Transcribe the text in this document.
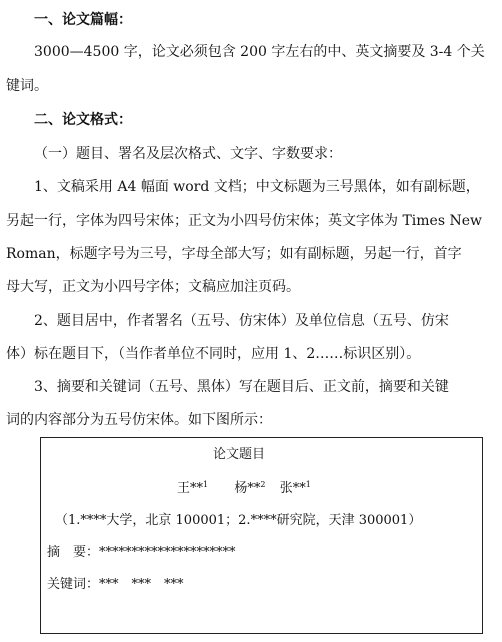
一、论文篇幅：
3000—4500 字，论文必须包含 200 字左右的中、英文摘要及 3-4 个关
键词。
二、论文格式：
（一）题目、署名及层次格式、文字、字数要求：
1、文稿采用 A4 幅面 word 文档；中文标题为三号黑体，如有副标题，
另起一行，字体为四号宋体；正文为小四号仿宋体；英文字体为 Times New
Roman，标题字号为三号，字母全部大写；如有副标题，另起一行，首字
母大写，正文为小四号字体；文稿应加注页码。
2、题目居中，作者署名（五号、仿宋体）及单位信息（五号、仿宋
体）标在题目下，（当作者单位不同时，应用 1、2……标识区别）。
3、摘要和关键词（五号、黑体）写在题目后、正文前，摘要和关键
词的内容部分为五号仿宋体。如下图所示：
论文题目
王**$^1$ 杨**$^2$ 张**$^1$
（1.****大学，北京 100001；2.****研究院，天津 300001）
摘　要：*********************
关键词：***　***　***
